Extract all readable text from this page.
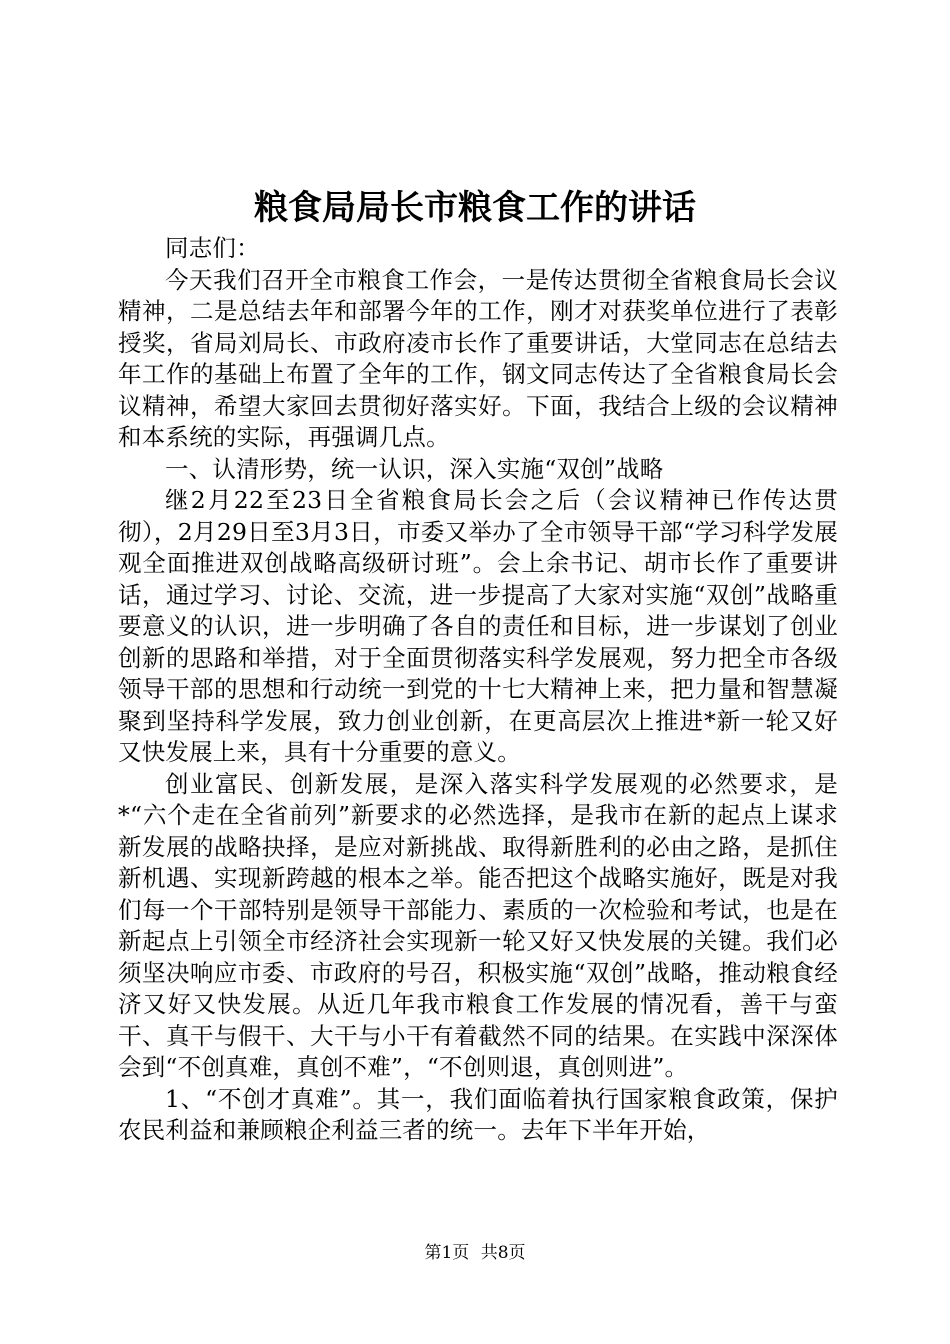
粮食局局长市粮食工作的讲话

同志们：

今天我们召开全市粮食工作会，一是传达贯彻全省粮食局长会议精神，二是总结去年和部署今年的工作，刚才对获奖单位进行了表彰授奖，省局刘局长、市政府凌市长作了重要讲话，大堂同志在总结去年工作的基础上布置了全年的工作，钢文同志传达了全省粮食局长会议精神，希望大家回去贯彻好落实好。下面，我结合上级的会议精神和本系统的实际，再强调几点。

一、认清形势，统一认识，深入实施“双创”战略

继2月22至23日全省粮食局长会之后（会议精神已作传达贯彻），2月29日至3月3日，市委又举办了全市领导干部“学习科学发展观全面推进双创战略高级研讨班”。会上余书记、胡市长作了重要讲话，通过学习、讨论、交流，进一步提高了大家对实施“双创”战略重要意义的认识，进一步明确了各自的责任和目标，进一步谋划了创业创新的思路和举措，对于全面贯彻落实科学发展观，努力把全市各级领导干部的思想和行动统一到党的十七大精神上来，把力量和智慧凝聚到坚持科学发展，致力创业创新，在更高层次上推进*新一轮又好又快发展上来，具有十分重要的意义。

创业富民、创新发展，是深入落实科学发展观的必然要求，是*“六个走在全省前列”新要求的必然选择，是我市在新的起点上谋求新发展的战略抉择，是应对新挑战、取得新胜利的必由之路，是抓住新机遇、实现新跨越的根本之举。能否把这个战略实施好，既是对我们每一个干部特别是领导干部能力、素质的一次检验和考试，也是在新起点上引领全市经济社会实现新一轮又好又快发展的关键。我们必须坚决响应市委、市政府的号召，积极实施“双创”战略，推动粮食经济又好又快发展。从近几年我市粮食工作发展的情况看，善干与蛮干、真干与假干、大干与小干有着截然不同的结果。在实践中深深体会到“不创真难，真创不难”，“不创则退，真创则进”。

1、“不创才真难”。其一，我们面临着执行国家粮食政策，保护农民利益和兼顾粮企利益三者的统一。去年下半年开始，

第1页 共8页
